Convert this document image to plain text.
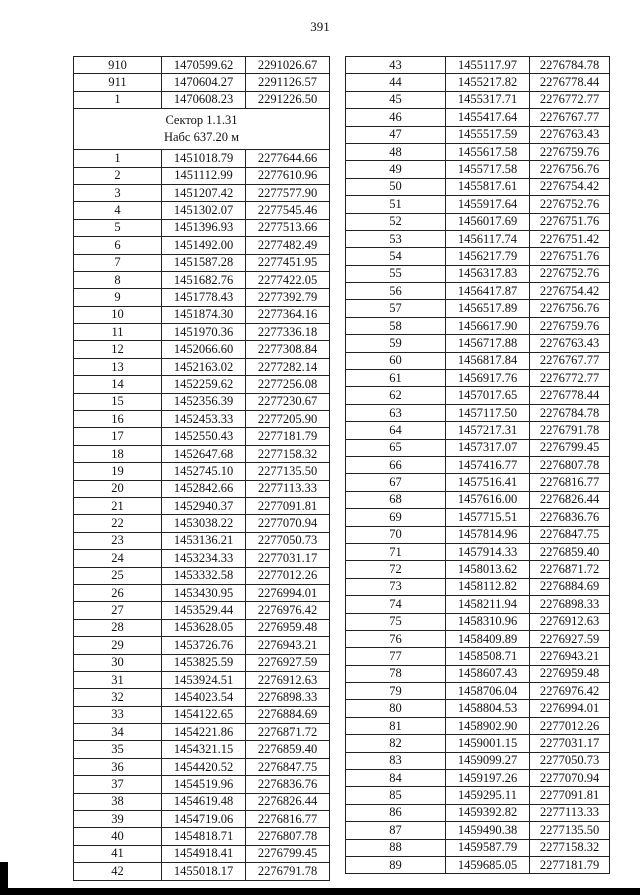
391
910	1470599.62	2291026.67
911	1470604.27	2291126.57
1	1470608.23	2291226.50

Сектор 1.1.31
Набс 637.20 м		

1	1451018.79	2277644.66
2	1451112.99	2277610.96
3	1451207.42	2277577.90
4	1451302.07	2277545.46
5	1451396.93	2277513.66
6	1451492.00	2277482.49
7	1451587.28	2277451.95
8	1451682.76	2277422.05
9	1451778.43	2277392.79
10	1451874.30	2277364.16
11	1451970.36	2277336.18
12	1452066.60	2277308.84
13	1452163.02	2277282.14
14	1452259.62	2277256.08
15	1452356.39	2277230.67
16	1452453.33	2277205.90
17	1452550.43	2277181.79
18	1452647.68	2277158.32
19	1452745.10	2277135.50
20	1452842.66	2277113.33
21	1452940.37	2277091.81
22	1453038.22	2277070.94
23	1453136.21	2277050.73
24	1453234.33	2277031.17
25	1453332.58	2277012.26
26	1453430.95	2276994.01
27	1453529.44	2276976.42
28	1453628.05	2276959.48
29	1453726.76	2276943.21
30	1453825.59	2276927.59
31	1453924.51	2276912.63
32	1454023.54	2276898.33
33	1454122.65	2276884.69
34	1454221.86	2276871.72
35	1454321.15	2276859.40
36	1454420.52	2276847.75
37	1454519.96	2276836.76
38	1454619.48	2276826.44
39	1454719.06	2276816.77
40	1454818.71	2276807.78
41	1454918.41	2276799.45
42	1455018.17	2276791.78
43	1455117.97	2276784.78
44	1455217.82	2276778.44
45	1455317.71	2276772.77
46	1455417.64	2276767.77
47	1455517.59	2276763.43
48	1455617.58	2276759.76
49	1455717.58	2276756.76
50	1455817.61	2276754.42
51	1455917.64	2276752.76
52	1456017.69	2276751.76
53	1456117.74	2276751.42
54	1456217.79	2276751.76
55	1456317.83	2276752.76
56	1456417.87	2276754.42
57	1456517.89	2276756.76
58	1456617.90	2276759.76
59	1456717.88	2276763.43
60	1456817.84	2276767.77
61	1456917.76	2276772.77
62	1457017.65	2276778.44
63	1457117.50	2276784.78
64	1457217.31	2276791.78
65	1457317.07	2276799.45
66	1457416.77	2276807.78
67	1457516.41	2276816.77
68	1457616.00	2276826.44
69	1457715.51	2276836.76
70	1457814.96	2276847.75
71	1457914.33	2276859.40
72	1458013.62	2276871.72
73	1458112.82	2276884.69
74	1458211.94	2276898.33
75	1458310.96	2276912.63
76	1458409.89	2276927.59
77	1458508.71	2276943.21
78	1458607.43	2276959.48
79	1458706.04	2276976.42
80	1458804.53	2276994.01
81	1458902.90	2277012.26
82	1459001.15	2277031.17
83	1459099.27	2277050.73
84	1459197.26	2277070.94
85	1459295.11	2277091.81
86	1459392.82	2277113.33
87	1459490.38	2277135.50
88	1459587.79	2277158.32
89	1459685.05	2277181.79
